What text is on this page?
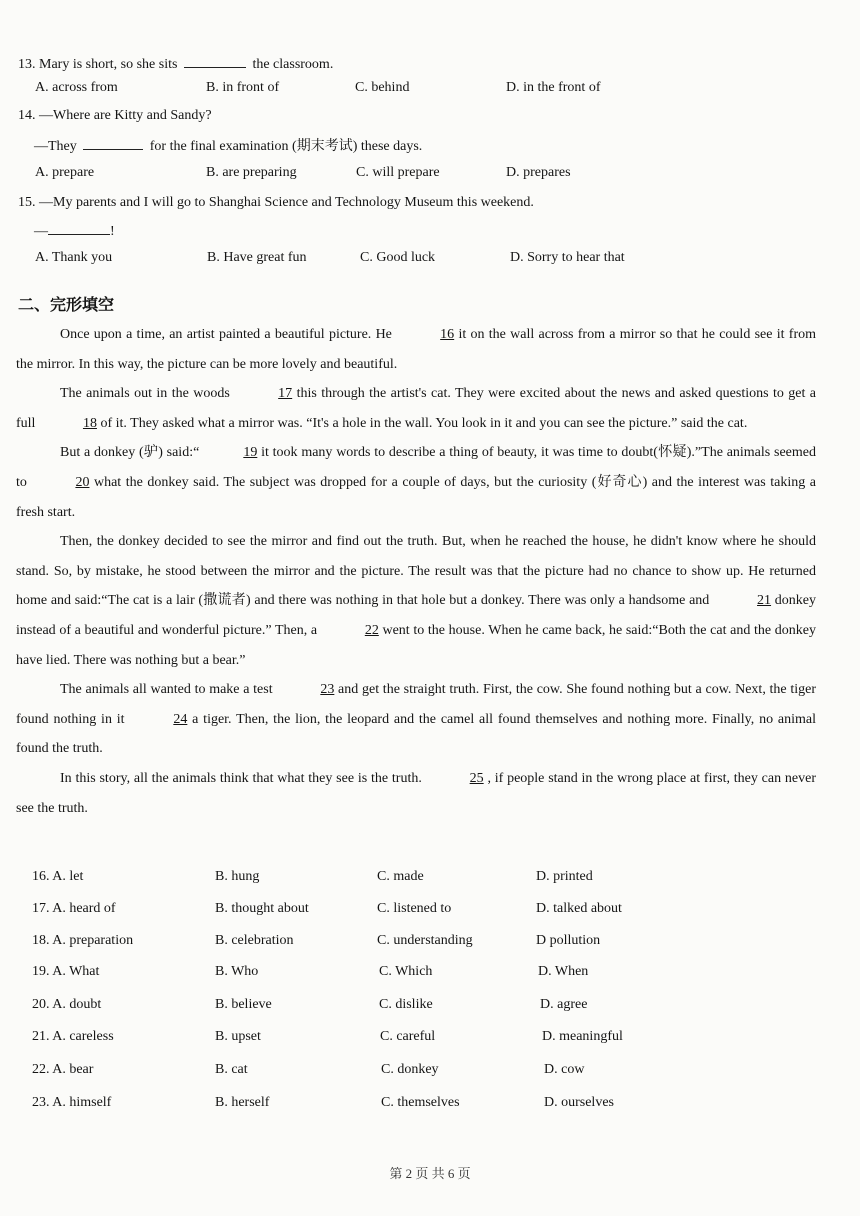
13. Mary is short, so she sits	the classroom.
A. across from	B. in front of	C. behind	D. in the front of
14. —Where are Kitty and Sandy?
—They	for the final examination (期末考试) these days.
A. prepare	B. are preparing	C. will prepare	D. prepares
15. —My parents and I will go to Shanghai Science and Technology Museum this weekend.
—	!
A. Thank you	B. Have great fun	C. Good luck	D. Sorry to hear that
二、完形填空

Once upon a time, an artist painted a beautiful picture. He	16 it on the wall across from a mirror so that he could see it from the mirror. In this way, the picture can be more lovely and beautiful.

The animals out in the woods	17 this through the artist's cat. They were excited about the news and asked questions to get a full	18 of it. They asked what a mirror was. “It's a hole in the wall. You look in it and you can see the picture.” said the cat.

But a donkey (驴) said:“	19 it took many words to describe a thing of beauty, it was time to doubt(怀疑).”The animals seemed to	20 what the donkey said. The subject was dropped for a couple of days, but the curiosity (好奇心) and the interest was taking a fresh start.

Then, the donkey decided to see the mirror and find out the truth. But, when he reached the house, he didn't know where he should stand. So, by mistake, he stood between the mirror and the picture. The result was that the picture had no chance to show up. He returned home and said:“The cat is a lair (撒谎者) and there was nothing in that hole but a donkey. There was only a handsome and	21 donkey instead of a beautiful and wonderful picture.” Then, a	22 went to the house. When he came back, he said:“Both the cat and the donkey have lied. There was nothing but a bear.”

The animals all wanted to make a test	23 and get the straight truth. First, the cow. She found nothing but a cow. Next, the tiger found nothing in it	24 a tiger. Then, the lion, the leopard and the camel all found themselves and nothing more. Finally, no animal found the truth.

In this story, all the animals think that what they see is the truth.	25 , if people stand in the wrong place at first, they can never see the truth.

16. A. let	B. hung	C. made	D. printed
17. A. heard of	B. thought about	C. listened to	D. talked about
18. A. preparation	B. celebration	C. understanding	D pollution
19. A. What	B. Who	C. Which	D. When
20. A. doubt	B. believe	C. dislike	D. agree
21. A. careless	B. upset	C. careful	D. meaningful
22. A. bear	B. cat	C. donkey	D. cow
23. A. himself	B. herself	C. themselves	D. ourselves
第 2 页 共 6 页
